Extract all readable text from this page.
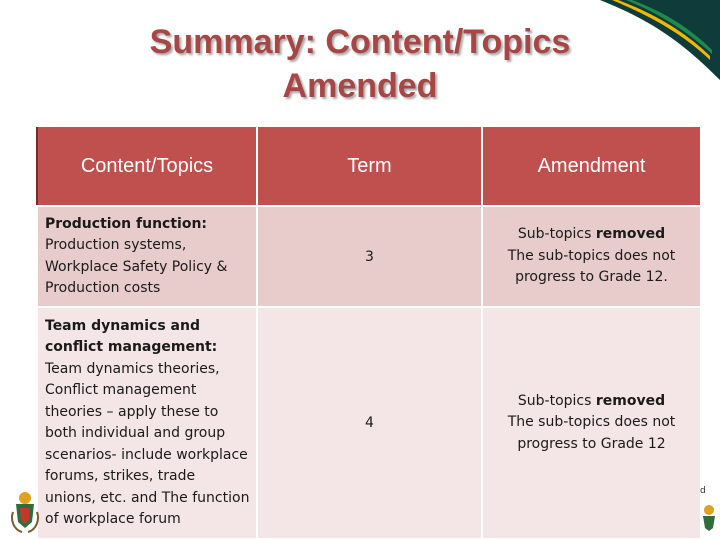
Summary: Content/Topics
Amended
Content/Topics	Term	Amendment
Production function: Production systems, Workplace Safety Policy & Production costs	3	Sub-topics removed
The sub-topics does not progress to Grade 12.

Team dynamics and conflict management: Team dynamics theories, Conflict management theories – apply these to both individual and group scenarios- include workplace forums, strikes, trade unions, etc. and The function of workplace forum	4	Sub-topics removed
The sub-topics does not progress to Grade 12
d
